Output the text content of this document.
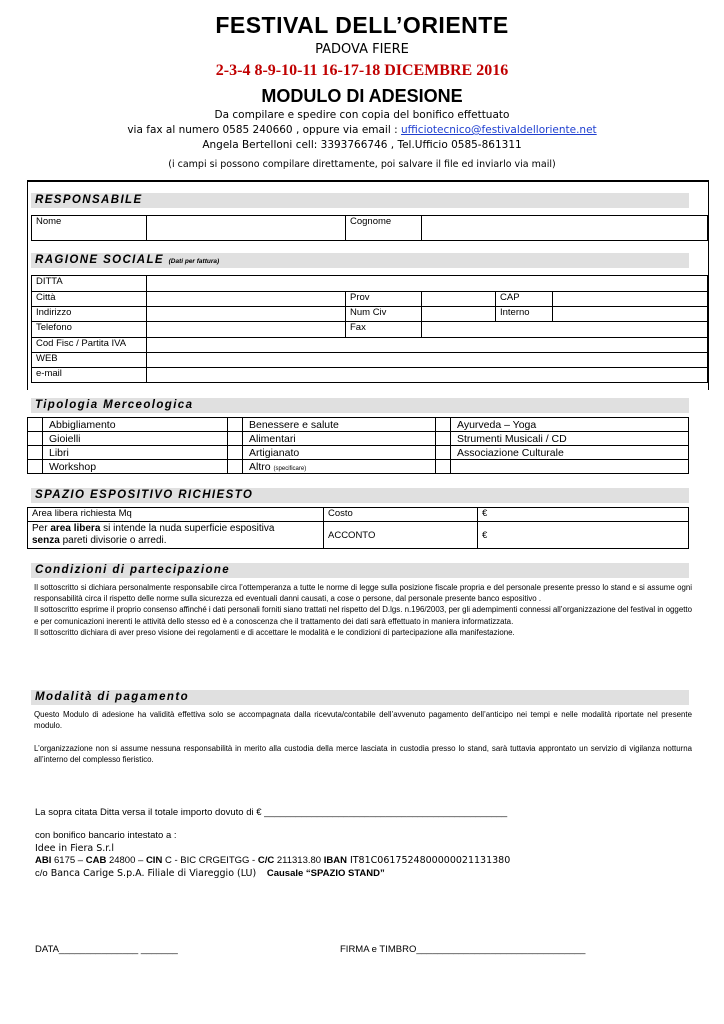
FESTIVAL DELL’ORIENTE
PADOVA FIERE
2-3-4 8-9-10-11 16-17-18 DICEMBRE 2016
MODULO DI ADESIONE
Da compilare e spedire con copia del bonifico effettuato
via fax al numero 0585 240660 , oppure via email : ufficiotecnico@festivaldelloriente.net
Angela Bertelloni cell: 3393766746 , Tel.Ufficio 0585-861311
(i campi si possono compilare direttamente, poi salvare il file ed inviarlo via mail)
RESPONSABILE
Nome		Cognome	
RAGIONE SOCIALE (Dati per fattura)
DITTA					
Città		Prov		CAP	
Indirizzo		Num Civ		Interno	
Telefono		Fax			
Cod Fisc / Partita IVA					
WEB					
e-mail					
Tipologia Merceologica
	Abbigliamento		Benessere e salute		Ayurveda – Yoga
	Gioielli		Alimentari		Strumenti Musicali / CD
	Libri		Artigianato		Associazione Culturale
	Workshop		Altro (specificare)		
SPAZIO ESPOSITIVO RICHIESTO
Area libera richiesta Mq	Costo	€
Per area libera si intende la nuda superficie espositiva
senza pareti divisorie o arredi.	ACCONTO	€
Condizioni di partecipazione
Il sottoscritto si dichiara personalmente responsabile circa l’ottemperanza a tutte le norme di legge sulla posizione fiscale propria e del personale presente presso lo stand e si assume ogni responsabilità circa il rispetto delle norme sulla sicurezza ed eventuali danni causati, a cose o persone, dal personale presente banco espositivo .
Il sottoscritto esprime il proprio consenso affinché i dati personali forniti siano trattati nel rispetto del D.lgs. n.196/2003, per gli adempimenti connessi all’organizzazione del festival in oggetto e per comunicazioni inerenti le attività dello stesso ed è a conoscenza che il trattamento dei dati sarà effettuato in maniera informatizzata.
Il sottoscritto dichiara di aver preso visione dei regolamenti e di accettare le modalità e le condizioni di partecipazione alla manifestazione.
Modalità di pagamento
Questo Modulo di adesione ha validità effettiva solo se accompagnata dalla ricevuta/contabile dell’avvenuto pagamento dell’anticipo nei tempi e nelle modalità riportate nel presente modulo.
L’organizzazione non si assume nessuna responsabilità in merito alla custodia della merce lasciata in custodia presso lo stand, sarà tuttavia approntato un servizio di vigilanza notturna all’interno del complesso fieristico.
La sopra citata Ditta versa il totale importo dovuto di € ______________________________________________
con bonifico bancario intestato a :
Idee in Fiera S.r.l
ABI 6175 – CAB 24800 – CIN C - BIC CRGEITGG - C/C 211313.80 IBAN IT81C0617524800000021131380
c/o Banca Carige S.p.A. Filiale di Viareggio (LU) Causale “SPAZIO STAND”
DATA_______________ _______	FIRMA e TIMBRO________________________________
